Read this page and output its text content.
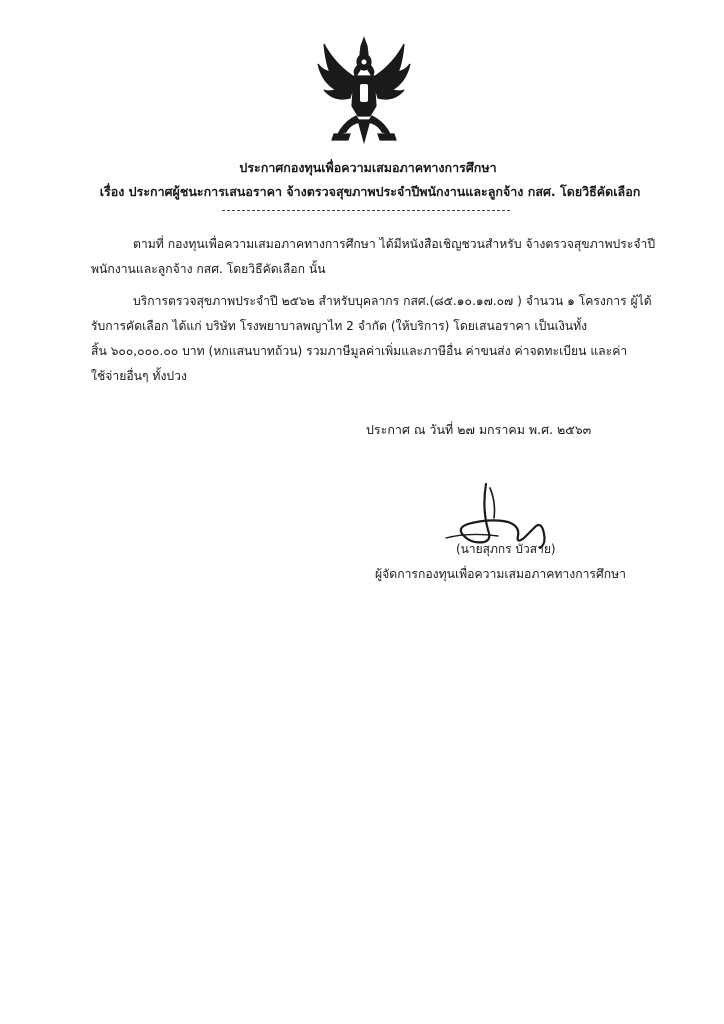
ประกาศกองทุนเพื่อความเสมอภาคทางการศึกษา
เรื่อง ประกาศผู้ชนะการเสนอราคา จ้างตรวจสุขภาพประจำปีพนักงานและลูกจ้าง กสศ. โดยวิธีคัดเลือก
ตามที่ กองทุนเพื่อความเสมอภาคทางการศึกษา ได้มีหนังสือเชิญชวนสำหรับ จ้างตรวจสุขภาพประจำปี
พนักงานและลูกจ้าง กสศ. โดยวิธีคัดเลือก นั้น
บริการตรวจสุขภาพประจำปี ๒๕๖๒ สำหรับบุคลากร กสศ.(๘๕.๑๐.๑๗.๐๗ ) จำนวน ๑ โครงการ ผู้ได้
รับการคัดเลือก ได้แก่ บริษัท โรงพยาบาลพญาไท 2 จำกัด (ให้บริการ) โดยเสนอราคา เป็นเงินทั้ง
สิ้น ๖๐๐,๐๐๐.๐๐ บาท (หกแสนบาทถ้วน) รวมภาษีมูลค่าเพิ่มและภาษีอื่น ค่าขนส่ง ค่าจดทะเบียน และค่า
ใช้จ่ายอื่นๆ ทั้งปวง
ประกาศ ณ วันที่ ๒๗ มกราคม พ.ศ. ๒๕๖๓
(นายสุภกร บัวสาย)
ผู้จัดการกองทุนเพื่อความเสมอภาคทางการศึกษา
